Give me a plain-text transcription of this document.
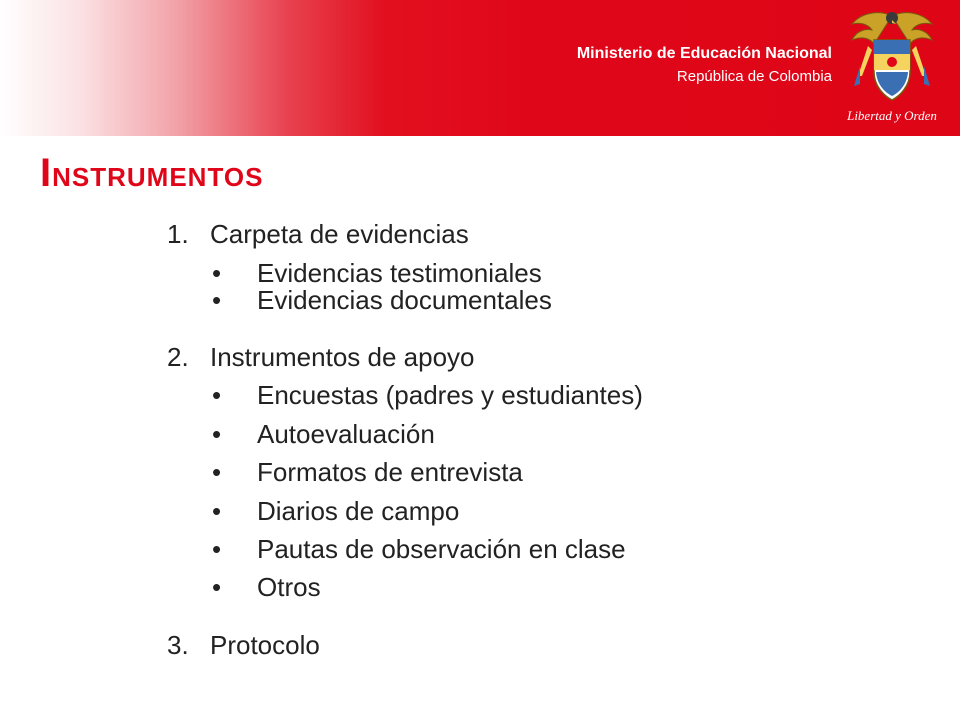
Ministerio de Educación Nacional
República de Colombia
Libertad y Orden
INSTRUMENTOS
1. Carpeta de evidencias
• Evidencias testimoniales
• Evidencias documentales
2. Instrumentos de apoyo
• Encuestas (padres y estudiantes)
• Autoevaluación
• Formatos de entrevista
• Diarios de campo
• Pautas de observación en clase
• Otros
3. Protocolo
